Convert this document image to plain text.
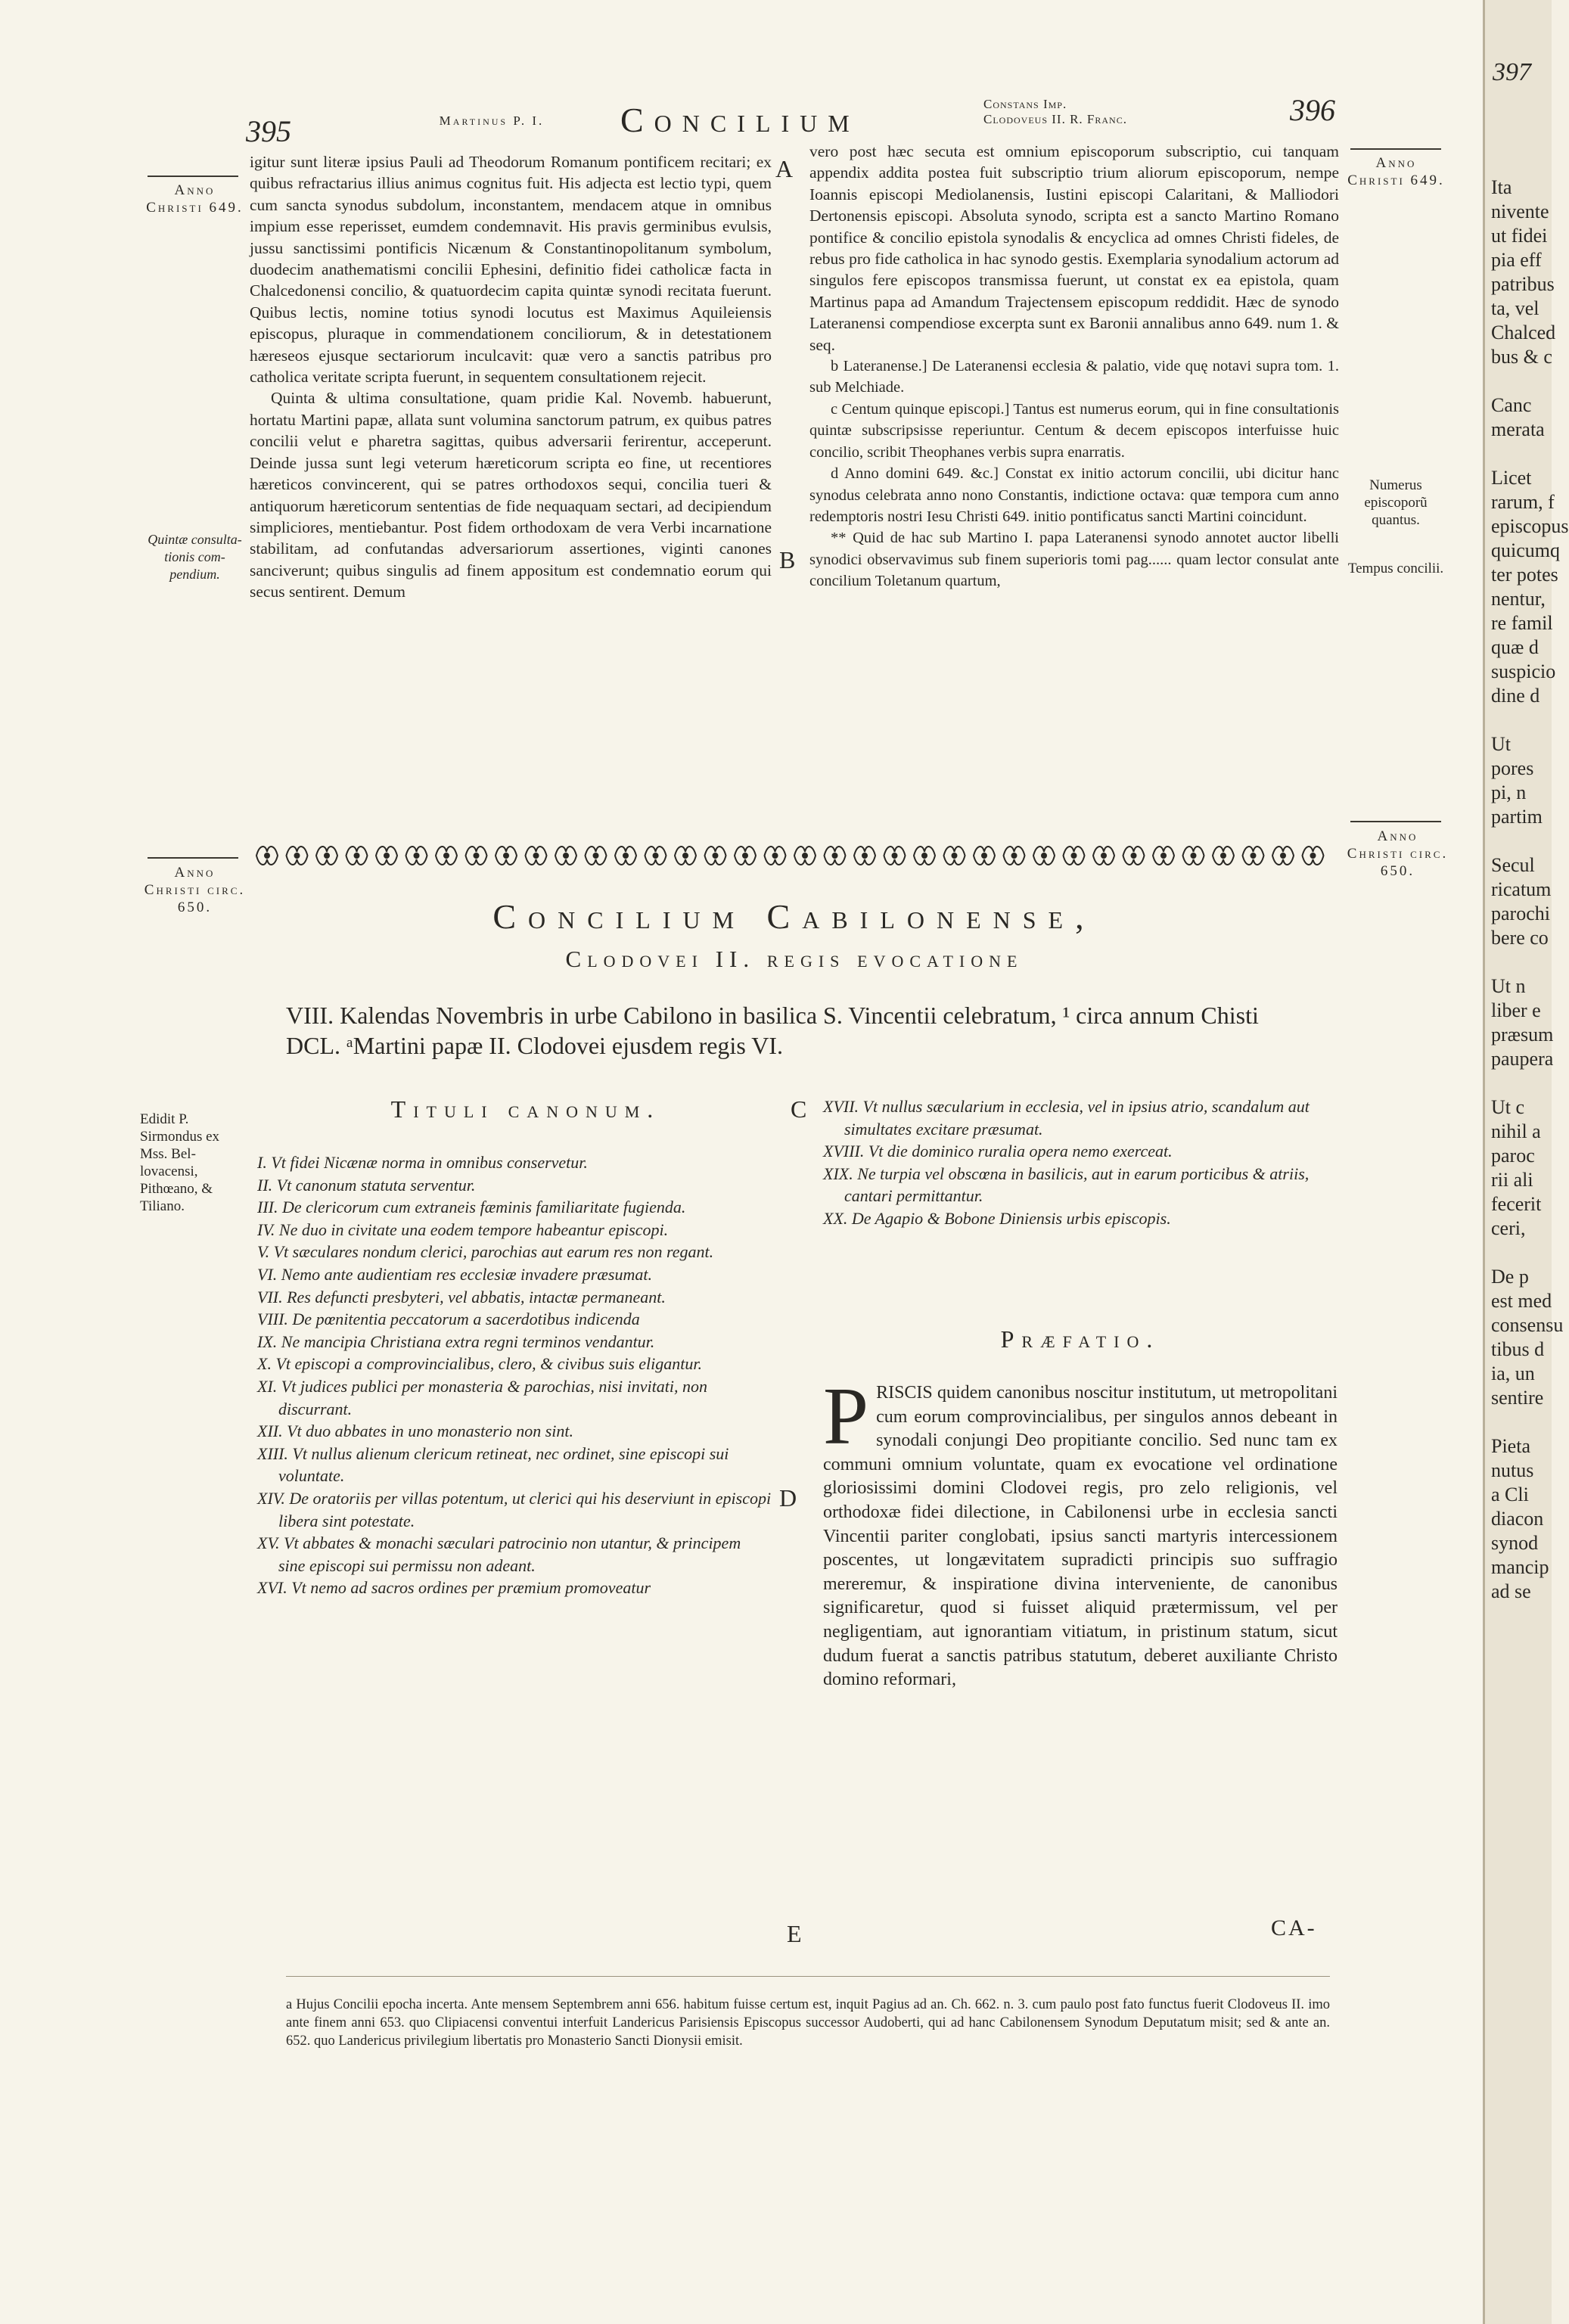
395	Martinus P. I.	Concilium	Constans Imp.
Clodoveus II. R. Franc.	396
Anno Christi 649.
Anno Christi 649.
Quintæ consulta-tionis com-pendium.
Numerus episcoporũ quantus.
Tempus concilii.
A
B
C
D
E

igitur sunt literæ ipsius Pauli ad Theodorum Romanum pontificem recitari; ex quibus refractarius illius animus cognitus fuit. His adjecta est lectio typi, quem cum sancta synodus subdolum, inconstantem, mendacem atque in omnibus impium esse reperisset, eumdem condemnavit. His pravis germinibus evulsis, jussu sanctissimi pontificis Nicænum & Constantinopolitanum symbolum, duodecim anathematismi concilii Ephesini, definitio fidei catholicæ facta in Chalcedonensi concilio, & quatuordecim capita quintæ synodi recitata fuerunt. Quibus lectis, nomine totius synodi locutus est Maximus Aquileiensis episcopus, pluraque in commendationem conciliorum, & in detestationem hæreseos ejusque sectariorum inculcavit: quæ vero a sanctis patribus pro catholica veritate scripta fuerunt, in sequentem consultationem rejecit.

Quinta & ultima consultatione, quam pridie Kal. Novemb. habuerunt, hortatu Martini papæ, allata sunt volumina sanctorum patrum, ex quibus patres concilii velut e pharetra sagittas, quibus adversarii ferirentur, acceperunt. Deinde jussa sunt legi veterum hæreticorum scripta eo fine, ut recentiores hæreticos convincerent, qui se patres orthodoxos sequi, concilia tueri & antiquorum hæreticorum sententias de fide nequaquam sectari, ad decipiendum simpliciores, mentiebantur. Post fidem orthodoxam de vera Verbi incarnatione stabilitam, ad confutandas adversariorum assertiones, viginti canones sanciverunt; quibus singulis ad finem appositum est condemnatio eorum qui secus sentirent. Demum

vero post hæc secuta est omnium episcoporum subscriptio, cui tanquam appendix addita postea fuit subscriptio trium aliorum episcoporum, nempe Ioannis episcopi Mediolanensis, Iustini episcopi Calaritani, & Malliodori Dertonensis episcopi. Absoluta synodo, scripta est a sancto Martino Romano pontifice & concilio epistola synodalis & encyclica ad omnes Christi fideles, de rebus pro fide catholica in hac synodo gestis. Exemplaria synodalium actorum ad singulos fere episcopos transmissa fuerunt, ut constat ex ea epistola, quam Martinus papa ad Amandum Trajectensem episcopum reddidit. Hæc de synodo Lateranensi compendiose excerpta sunt ex Baronii annalibus anno 649. num 1. & seq.

b Lateranense.] De Lateranensi ecclesia & palatio, vide quę notavi supra tom. 1. sub Melchiade.

c Centum quinque episcopi.] Tantus est numerus eorum, qui in fine consultationis quintæ subscripsisse reperiuntur. Centum & decem episcopos interfuisse huic concilio, scribit Theophanes verbis supra enarratis.

d Anno domini 649. &c.] Constat ex initio actorum concilii, ubi dicitur hanc synodus celebrata anno nono Constantis, indictione octava: quæ tempora cum anno redemptoris nostri Iesu Christi 649. initio pontificatus sancti Martini coincidunt.

** Quid de hac sub Martino I. papa Lateranensi synodo annotet auctor libelli synodici observavimus sub finem superioris tomi pag...... quam lector consulat ante concilium Toletanum quartum,

Anno Christi circ. 650.
Anno Christi circ. 650.
Edidit P. Sirmondus ex Mss. Bel-lovacensi, Pithœano, & Tiliano.
Concilium Cabilonense,
Clodovei II. regis evocatione
VIII. Kalendas Novembris in urbe Cabilono in basilica S. Vincentii celebratum, ¹ circa annum Chisti DCL. ᵃMartini papæ II. Clodovei ejusdem regis VI.
Tituli canonum.
I. Vt fidei Nicænæ norma in omnibus conservetur.
II. Vt canonum statuta serventur.
III. De clericorum cum extraneis fæminis familiaritate fugienda.
IV. Ne duo in civitate una eodem tempore habeantur episcopi.
V. Vt sæculares nondum clerici, parochias aut earum res non regant.
VI. Nemo ante audientiam res ecclesiæ invadere præsumat.
VII. Res defuncti presbyteri, vel abbatis, intactæ permaneant.
VIII. De pœnitentia peccatorum a sacerdotibus indicenda
IX. Ne mancipia Christiana extra regni terminos vendantur.
X. Vt episcopi a comprovincialibus, clero, & civibus suis eligantur.
XI. Vt judices publici per monasteria & parochias, nisi invitati, non discurrant.
XII. Vt duo abbates in uno monasterio non sint.
XIII. Vt nullus alienum clericum retineat, nec ordinet, sine episcopi sui voluntate.
XIV. De oratoriis per villas potentum, ut clerici qui his deserviunt in episcopi libera sint potestate.
XV. Vt abbates & monachi sæculari patrocinio non utantur, & principem sine episcopi sui permissu non adeant.
XVI. Vt nemo ad sacros ordines per præmium promoveatur
XVII. Vt nullus sæcularium in ecclesia, vel in ipsius atrio, scandalum aut simultates excitare præsumat.
XVIII. Vt die dominico ruralia opera nemo exerceat.
XIX. Ne turpia vel obscœna in basilicis, aut in earum porticibus & atriis, cantari permittantur.
XX. De Agapio & Bobone Diniensis urbis episcopis.
Præfatio.
P RISCIS quidem canonibus noscitur institutum, ut metropolitani cum eorum comprovincialibus, per singulos annos debeant in synodali conjungi Deo propitiante concilio. Sed nunc tam ex communi omnium voluntate, quam ex evocatione vel ordinatione gloriosissimi domini Clodovei regis, pro zelo religionis, vel orthodoxæ fidei dilectione, in Cabilonensi urbe in ecclesia sancti Vincentii pariter conglobati, ipsius sancti martyris intercessionem poscentes, ut longævitatem supradicti principis suo suffragio mereremur, & inspiratione divina interveniente, de canonibus significaretur, quod si fuisset aliquid prætermissum, vel per negligentiam, aut ignorantiam vitiatum, in pristinum statum, sicut dudum fuerat a sanctis patribus statutum, deberet auxiliante Christo domino reformari,
CA-
a Hujus Concilii epocha incerta. Ante mensem Septembrem anni 656. habitum fuisse certum est, inquit Pagius ad an. Ch. 662. n. 3. cum paulo post fato functus fuerit Clodoveus II. imo ante finem anni 653. quo Clipiacensi conventui interfuit Landericus Parisiensis Episcopus successor Audoberti, qui ad hanc Cabilonensem Synodum Deputatum misit; sed & ante an. 652. quo Landericus privilegium libertatis pro Monasterio Sancti Dionysii emisit.
397
Ita
nivente
ut fidei
pia eff
patribus
ta, vel
Chalced
bus & c

Canc
merata

Licet
rarum, f
episcopus
quicumq
ter potes
nentur,
re famil
quæ d
suspicio
dine d

Ut
pores
pi, n
partim

Secul
ricatum
parochi
bere co

Ut n
liber e
præsum
paupera

Ut c
nihil a
paroc
rii ali
fecerit
ceri,

De p
est med
consensu
tibus d
ia, un
sentire

Pieta
nutus
a Cli
diacon
synod
mancip
ad se
